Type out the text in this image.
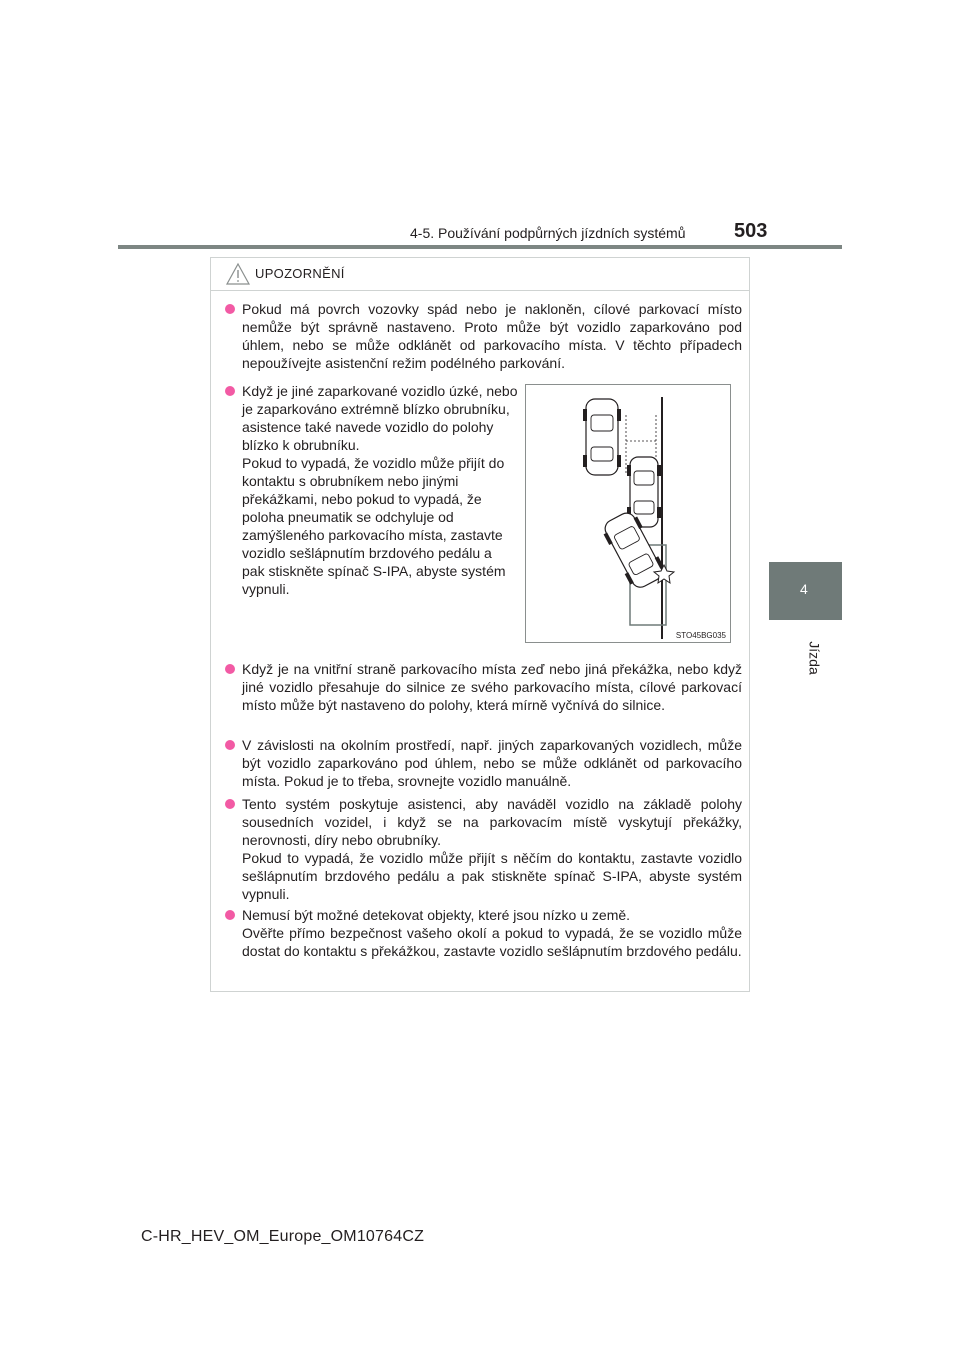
4-5. Používání podpůrných jízdních systémů 503
4
Jízda
UPOZORNĚNÍ

Pokud má povrch vozovky spád nebo je nakloněn, cílové parkovací místo nemůže být správně nastaveno. Proto může být vozidlo zaparkováno pod úhlem, nebo se může odklánět od parkovacího místa. V těchto případech nepoužívejte asistenční režim podélného parkování.

Když je jiné zaparkované vozidlo úzké, nebo je zaparkováno extrémně blízko obrubníku, asistence také navede vozidlo do polohy blízko k obrubníku.

Pokud to vypadá, že vozidlo může přijít do kontaktu s obrubníkem nebo jinými překážkami, nebo pokud to vypadá, že poloha pneumatik se odchyluje od zamýšleného parkovacího místa, zastavte vozidlo sešlápnutím brzdového pedálu a pak stiskněte spínač S-IPA, abyste systém vypnuli.

STO45BG035

Když je na vnitřní straně parkovacího místa zeď nebo jiná překážka, nebo když jiné vozidlo přesahuje do silnice ze svého parkovacího místa, cílové parkovací místo může být nastaveno do polohy, která mírně vyčnívá do silnice.

V závislosti na okolním prostředí, např. jiných zaparkovaných vozidlech, může být vozidlo zaparkováno pod úhlem, nebo se může odklánět od parkovacího místa. Pokud je to třeba, srovnejte vozidlo manuálně.

Tento systém poskytuje asistenci, aby naváděl vozidlo na základě polohy sousedních vozidel, i když se na parkovacím místě vyskytují překážky, nerovnosti, díry nebo obrubníky.

Pokud to vypadá, že vozidlo může přijít s něčím do kontaktu, zastavte vozidlo sešlápnutím brzdového pedálu a pak stiskněte spínač S-IPA, abyste systém vypnuli.

Nemusí být možné detekovat objekty, které jsou nízko u země.

Ověřte přímo bezpečnost vašeho okolí a pokud to vypadá, že se vozidlo může dostat do kontaktu s překážkou, zastavte vozidlo sešlápnutím brzdového pedálu.

C-HR_HEV_OM_Europe_OM10764CZ
